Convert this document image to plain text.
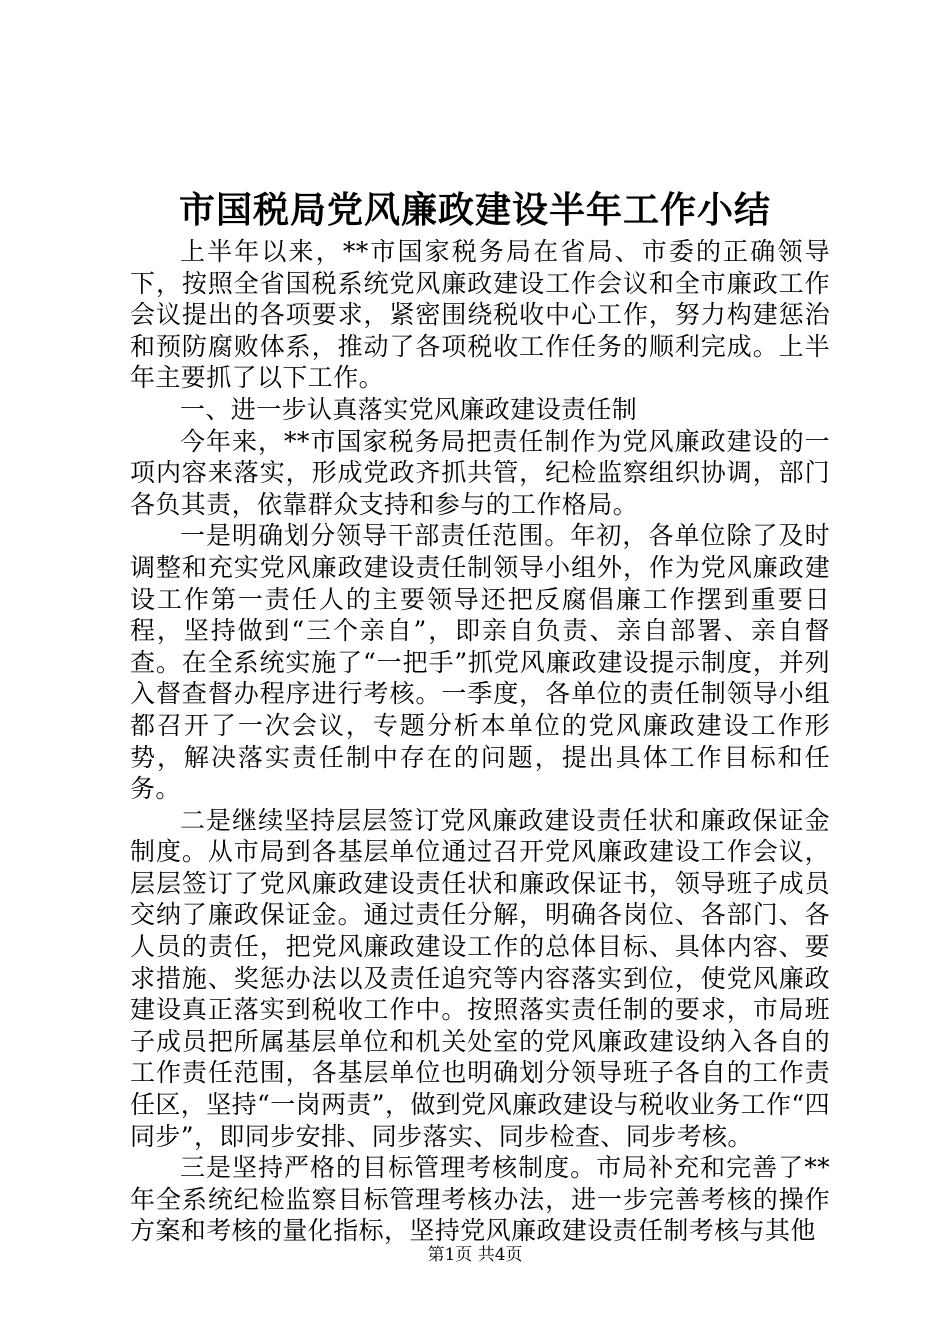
市国税局党风廉政建设半年工作小结

上半年以来，**市国家税务局在省局、市委的正确领导下，按照全省国税系统党风廉政建设工作会议和全市廉政工作会议提出的各项要求，紧密围绕税收中心工作，努力构建惩治和预防腐败体系，推动了各项税收工作任务的顺利完成。上半年主要抓了以下工作。

一、进一步认真落实党风廉政建设责任制

今年来，**市国家税务局把责任制作为党风廉政建设的一项内容来落实，形成党政齐抓共管，纪检监察组织协调，部门各负其责，依靠群众支持和参与的工作格局。

一是明确划分领导干部责任范围。年初，各单位除了及时调整和充实党风廉政建设责任制领导小组外，作为党风廉政建设工作第一责任人的主要领导还把反腐倡廉工作摆到重要日程，坚持做到“三个亲自”，即亲自负责、亲自部署、亲自督查。在全系统实施了“一把手”抓党风廉政建设提示制度，并列入督查督办程序进行考核。一季度，各单位的责任制领导小组都召开了一次会议，专题分析本单位的党风廉政建设工作形势，解决落实责任制中存在的问题，提出具体工作目标和任务。

二是继续坚持层层签订党风廉政建设责任状和廉政保证金制度。从市局到各基层单位通过召开党风廉政建设工作会议，层层签订了党风廉政建设责任状和廉政保证书，领导班子成员交纳了廉政保证金。通过责任分解，明确各岗位、各部门、各人员的责任，把党风廉政建设工作的总体目标、具体内容、要求措施、奖惩办法以及责任追究等内容落实到位，使党风廉政建设真正落实到税收工作中。按照落实责任制的要求，市局班子成员把所属基层单位和机关处室的党风廉政建设纳入各自的工作责任范围，各基层单位也明确划分领导班子各自的工作责任区，坚持“一岗两责”，做到党风廉政建设与税收业务工作“四同步”，即同步安排、同步落实、同步检查、同步考核。

三是坚持严格的目标管理考核制度。市局补充和完善了**年全系统纪检监察目标管理考核办法，进一步完善考核的操作方案和考核的量化指标，坚持党风廉政建设责任制考核与其他

第1页 共4页
